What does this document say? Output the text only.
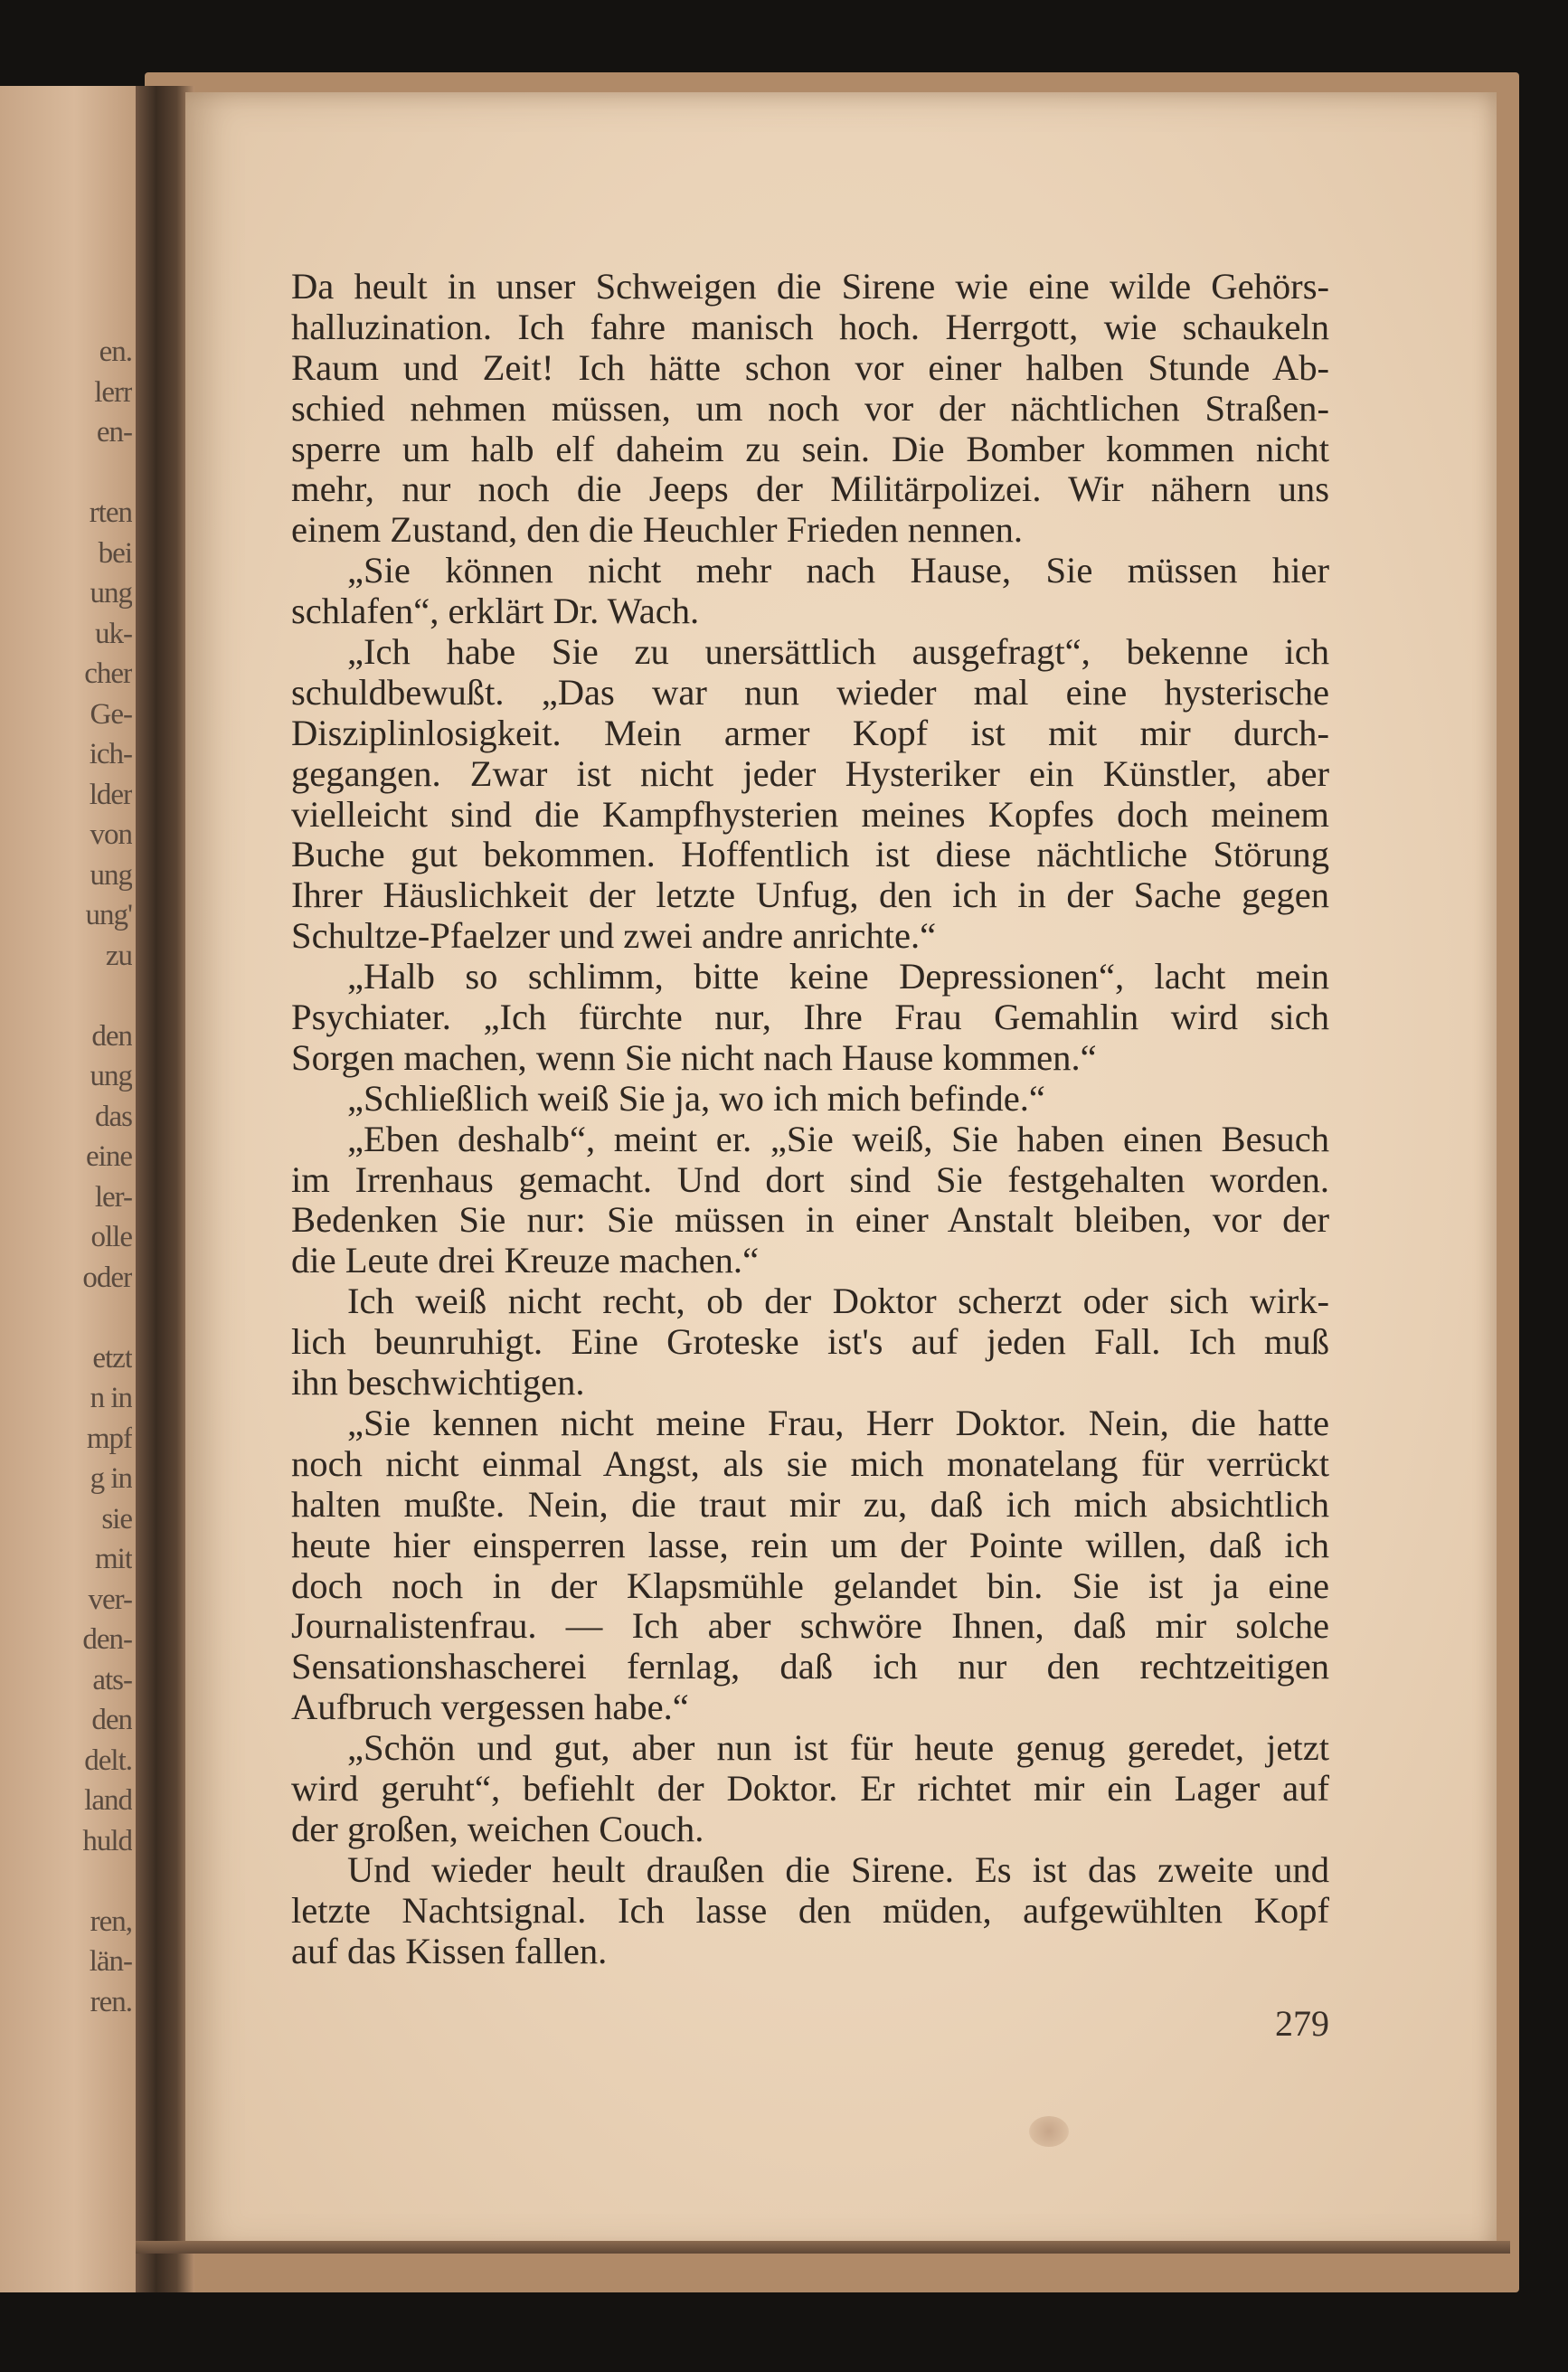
en.
lerr
en-
rten
bei
ung
uk-
cher
Ge-
ich-
lder
von
ung
ung'
zu
den
ung
das
eine
ler-
olle
oder
etzt
n in
mpf
g in
sie
mit
ver-
den-
ats-
den
delt.
land
huld
ren,
län-
ren.
Da heult in unser Schweigen die Sirene wie eine wilde Gehörs-
halluzination. Ich fahre manisch hoch. Herrgott, wie schaukeln
Raum und Zeit! Ich hätte schon vor einer halben Stunde Ab-
schied nehmen müssen, um noch vor der nächtlichen Straßen-
sperre um halb elf daheim zu sein. Die Bomber kommen nicht
mehr, nur noch die Jeeps der Militärpolizei. Wir nähern uns
einem Zustand, den die Heuchler Frieden nennen.
„Sie können nicht mehr nach Hause, Sie müssen hier
schlafen“, erklärt Dr. Wach.
„Ich habe Sie zu unersättlich ausgefragt“, bekenne ich
schuldbewußt. „Das war nun wieder mal eine hysterische
Disziplinlosigkeit. Mein armer Kopf ist mit mir durch-
gegangen. Zwar ist nicht jeder Hysteriker ein Künstler, aber
vielleicht sind die Kampfhysterien meines Kopfes doch meinem
Buche gut bekommen. Hoffentlich ist diese nächtliche Störung
Ihrer Häuslichkeit der letzte Unfug, den ich in der Sache gegen
Schultze-Pfaelzer und zwei andre anrichte.“
„Halb so schlimm, bitte keine Depressionen“, lacht mein
Psychiater. „Ich fürchte nur, Ihre Frau Gemahlin wird sich
Sorgen machen, wenn Sie nicht nach Hause kommen.“
„Schließlich weiß Sie ja, wo ich mich befinde.“
„Eben deshalb“, meint er. „Sie weiß, Sie haben einen Besuch
im Irrenhaus gemacht. Und dort sind Sie festgehalten worden.
Bedenken Sie nur: Sie müssen in einer Anstalt bleiben, vor der
die Leute drei Kreuze machen.“
Ich weiß nicht recht, ob der Doktor scherzt oder sich wirk-
lich beunruhigt. Eine Groteske ist's auf jeden Fall. Ich muß
ihn beschwichtigen.
„Sie kennen nicht meine Frau, Herr Doktor. Nein, die hatte
noch nicht einmal Angst, als sie mich monatelang für verrückt
halten mußte. Nein, die traut mir zu, daß ich mich absichtlich
heute hier einsperren lasse, rein um der Pointe willen, daß ich
doch noch in der Klapsmühle gelandet bin. Sie ist ja eine
Journalistenfrau. — Ich aber schwöre Ihnen, daß mir solche
Sensationshascherei fernlag, daß ich nur den rechtzeitigen
Aufbruch vergessen habe.“
„Schön und gut, aber nun ist für heute genug geredet, jetzt
wird geruht“, befiehlt der Doktor. Er richtet mir ein Lager auf
der großen, weichen Couch.
Und wieder heult draußen die Sirene. Es ist das zweite und
letzte Nachtsignal. Ich lasse den müden, aufgewühlten Kopf
auf das Kissen fallen.
279
